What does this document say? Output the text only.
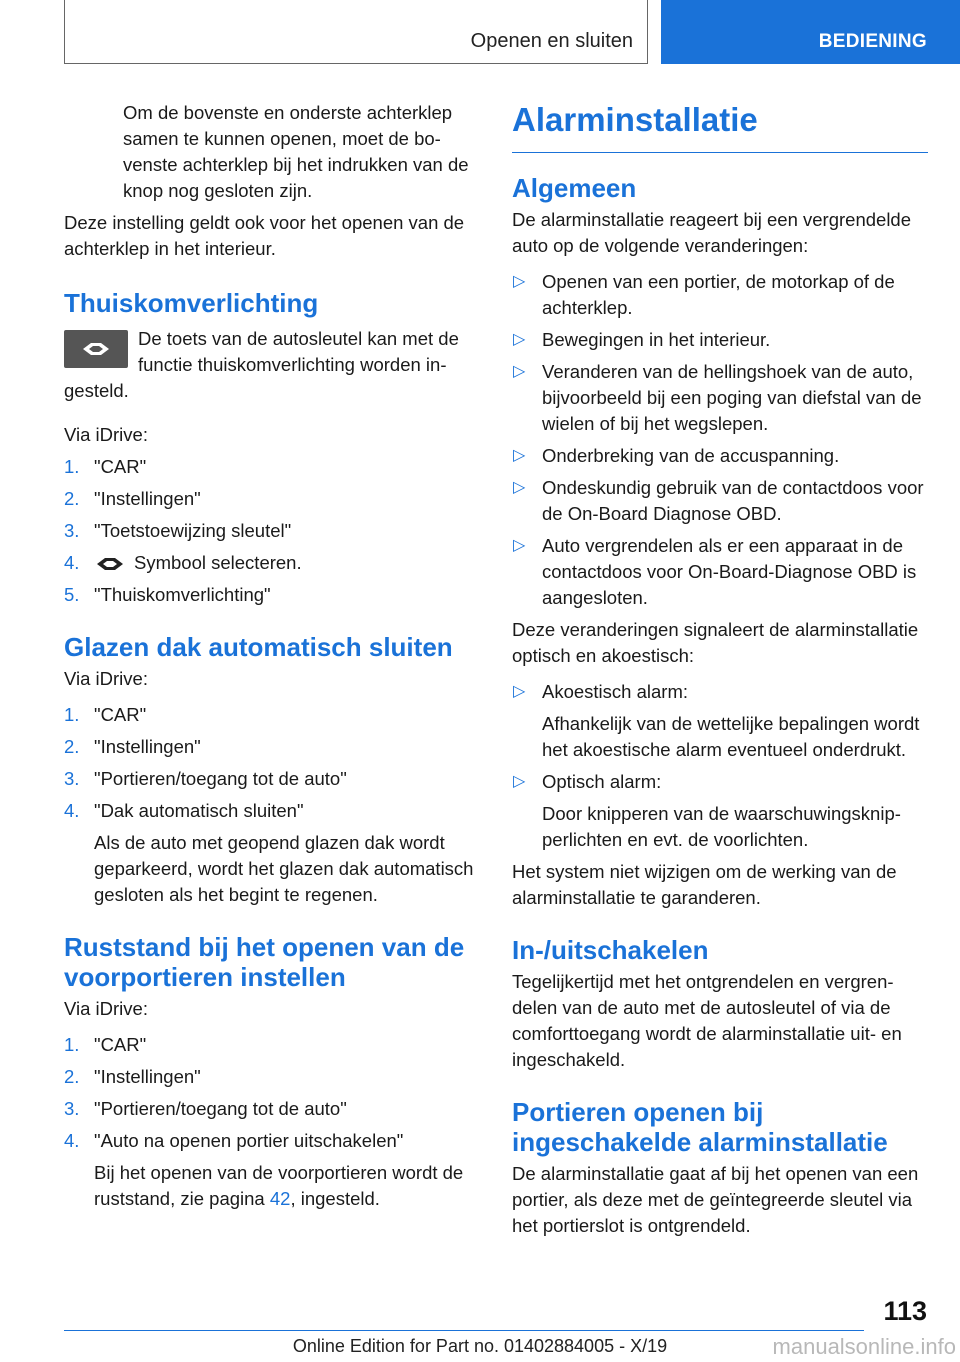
Openen en sluiten	BEDIENING

Om de bovenste en onderste achterklep samen te kunnen openen, moet de bovenste achterklep bij het indrukken van de knop nog gesloten zijn.

Deze instelling geldt ook voor het openen van de achterklep in het interieur.

Thuiskomverlichting

De toets van de autosleutel kan met de functie thuiskomverlichting worden ingesteld.

Via iDrive:

1. "CAR"
2. "Instellingen"
3. "Toetstoewijzing sleutel"
4.	Symbool selecteren.
5. "Thuiskomverlichting"
Glazen dak automatisch sluiten

Via iDrive:

1. "CAR"
2. "Instellingen"
3. "Portieren/toegang tot de auto"
4. "Dak automatisch sluiten"
Als de auto met geopend glazen dak wordt geparkeerd, wordt het glazen dak automatisch gesloten als het begint te regenen.
Ruststand bij het openen van de voorportieren instellen

Via iDrive:

1. "CAR"
2. "Instellingen"
3. "Portieren/toegang tot de auto"
4. "Auto na openen portier uitschakelen"
Bij het openen van de voorportieren wordt de ruststand, zie pagina 42, ingesteld.
Alarminstallatie
Algemeen

De alarminstallatie reageert bij een vergrendelde auto op de volgende veranderingen:

▷ Openen van een portier, de motorkap of de achterklep.
▷ Bewegingen in het interieur.
▷ Veranderen van de hellingshoek van de auto, bijvoorbeeld bij een poging van diefstal van de wielen of bij het wegslepen.
▷ Onderbreking van de accuspanning.
▷ Ondeskundig gebruik van de contactdoos voor de On-Board Diagnose OBD.
▷ Auto vergrendelen als er een apparaat in de contactdoos voor On-Board-Diagnose OBD is aangesloten.

Deze veranderingen signaleert de alarminstallatie optisch en akoestisch:

▷ Akoestisch alarm:
Afhankelijk van de wettelijke bepalingen wordt het akoestische alarm eventueel onderdrukt.
▷ Optisch alarm:
Door knipperen van de waarschuwingsknipperlichten en evt. de voorlichten.

Het system niet wijzigen om de werking van de alarminstallatie te garanderen.

In-/uitschakelen

Tegelijkertijd met het ontgrendelen en vergrendelen van de auto met de autosleutel of via de comforttoegang wordt de alarminstallatie uit- en ingeschakeld.

Portieren openen bij ingeschakelde alarminstallatie

De alarminstallatie gaat af bij het openen van een portier, als deze met de geïntegreerde sleutel via het portierslot is ontgrendeld.

113
Online Edition for Part no. 01402884005 - X/19	manualsonline.info
